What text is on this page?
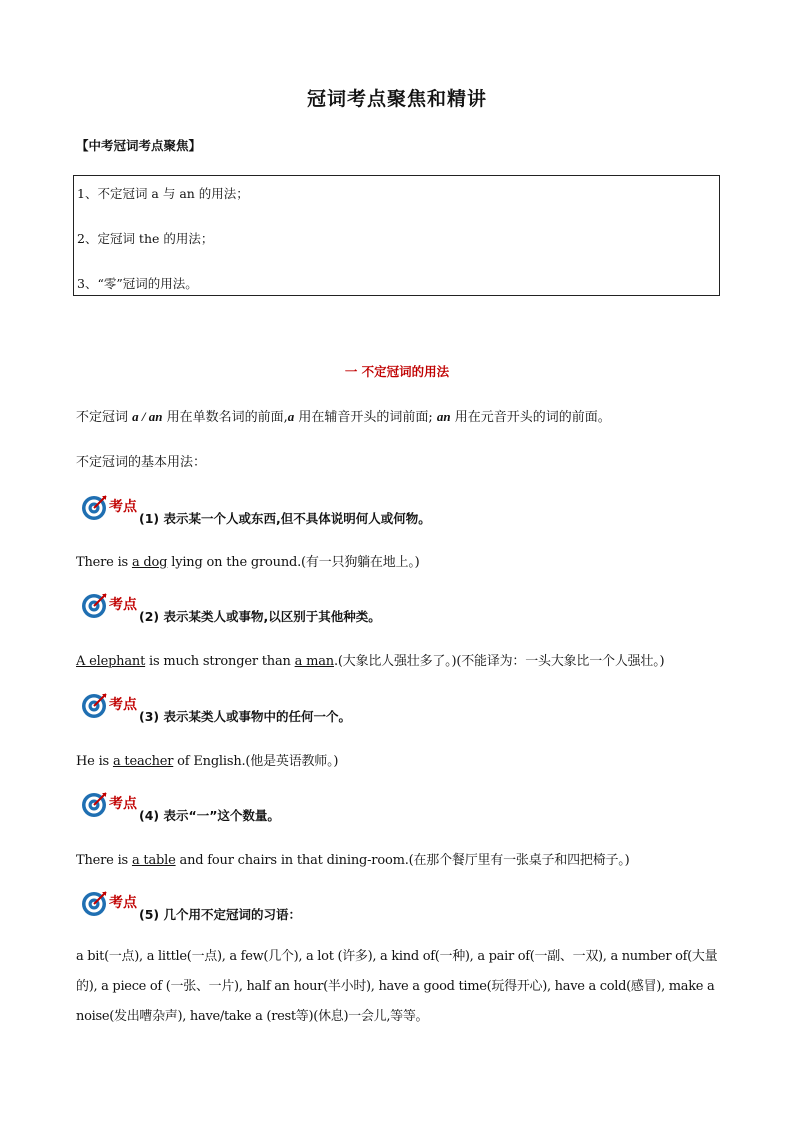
冠词考点聚焦和精讲
【中考冠词考点聚焦】
1、不定冠词 a 与 an 的用法；
2、定冠词 the 的用法；
3、“零”冠词的用法。
一 不定冠词的用法
不定冠词 a / an 用在单数名词的前面,a 用在辅音开头的词前面; an 用在元音开头的词的前面。
不定冠词的基本用法：
考点
(1) 表示某一个人或东西,但不具体说明何人或何物。
There is a dog lying on the ground.(有一只狗躺在地上。)
考点
(2) 表示某类人或事物,以区别于其他种类。
A elephant is much stronger than a man.(大象比人强壮多了。)(不能译为：一头大象比一个人强壮。)
考点
(3) 表示某类人或事物中的任何一个。
He is a teacher of English.(他是英语教师。)
考点
(4) 表示“一”这个数量。
There is a table and four chairs in that dining-room.(在那个餐厅里有一张桌子和四把椅子。)
考点
(5) 几个用不定冠词的习语：
a bit(一点), a little(一点), a few(几个), a lot (许多), a kind of(一种), a pair of(一副、一双), a number of(大量的), a piece of (一张、一片), half an hour(半小时), have a good time(玩得开心), have a cold(感冒), make a noise(发出嘈杂声), have/take a (rest等)(休息)一会儿,等等。
